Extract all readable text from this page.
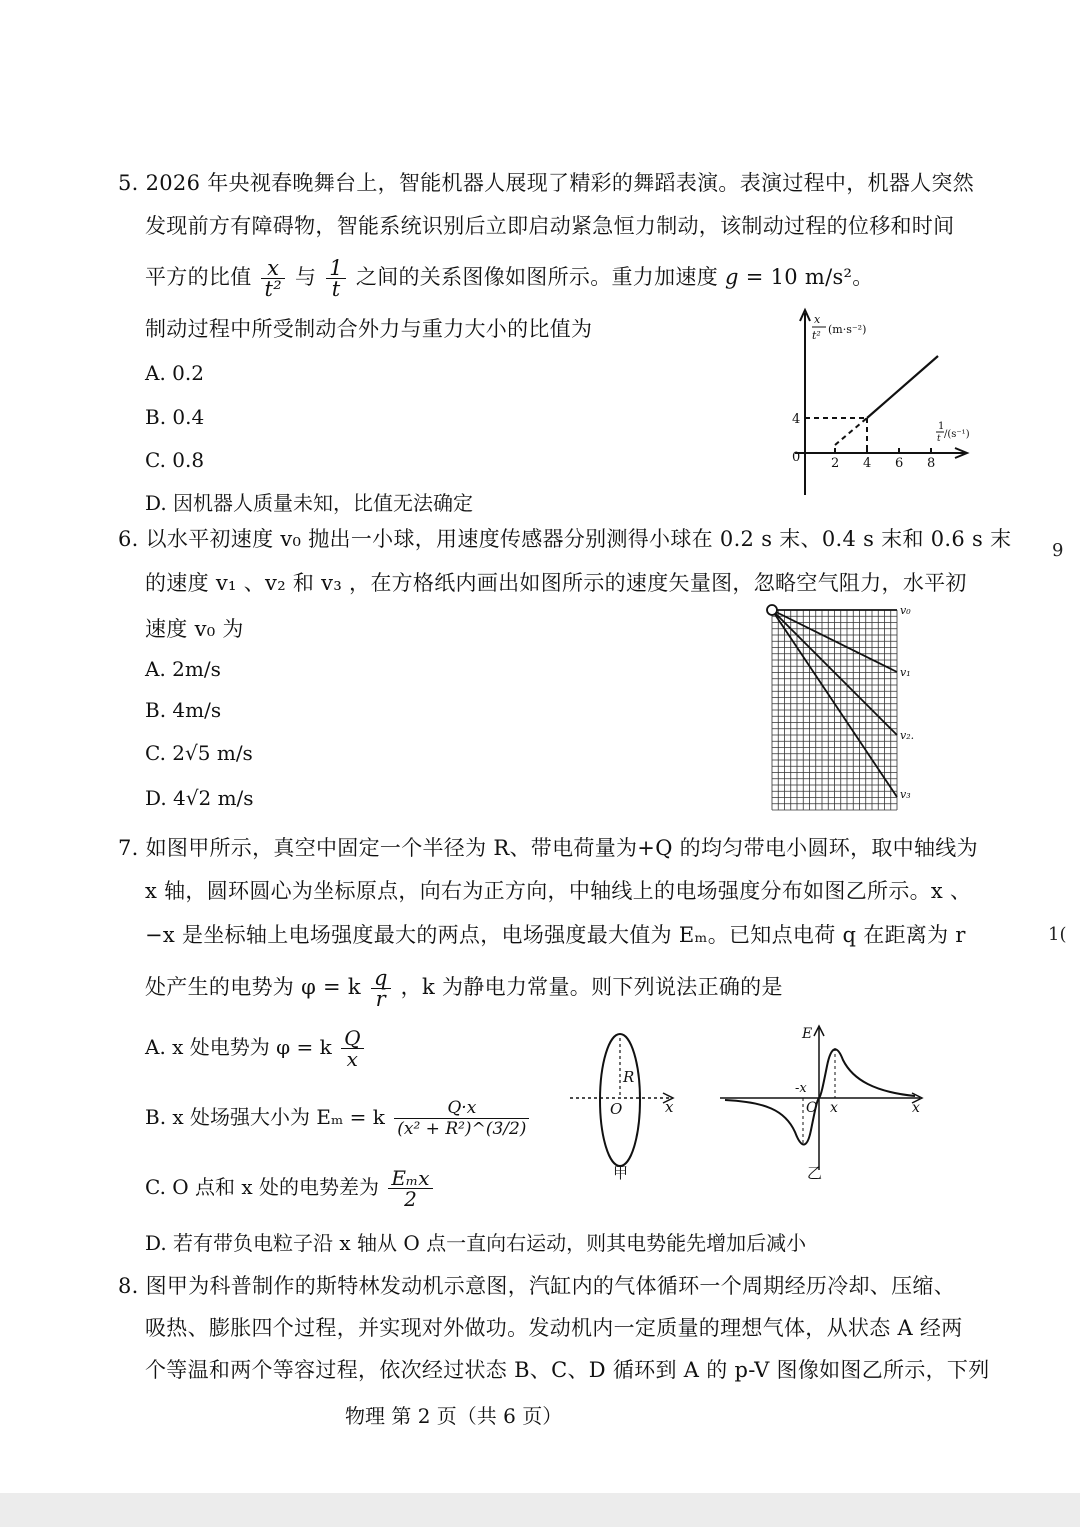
5. 2026 年央视春晚舞台上，智能机器人展现了精彩的舞蹈表演。表演过程中，机器人突然
发现前方有障碍物，智能系统识别后立即启动紧急恒力制动，该制动过程的位移和时间
平方的比值 $\frac{x}{\text{t²}}$ 与 $\frac{1}{t}$ 之间的关系图像如图所示。重力加速度 g = 10 m/s²。
制动过程中所受制动合外力与重力大小的比值为
A. 0.2
B. 0.4
C. 0.8
D. 因机器人质量未知，比值无法确定
x
t² (m·s⁻²)
1
t /(s⁻¹)
0
4
2 4 6 8
6. 以水平初速度 v₀ 抛出一小球，用速度传感器分别测得小球在 0.2 s 末、0.4 s 末和 0.6 s 末
的速度 v₁ 、v₂ 和 v₃ ，在方格纸内画出如图所示的速度矢量图，忽略空气阻力，水平初
速度 v₀ 为
A. 2m/s
B. 4m/s
C. 2√5 m/s
D. 4√2 m/s
v₀
v₁
v₂.
v₃
7. 如图甲所示，真空中固定一个半径为 R、带电荷量为+Q 的均匀带电小圆环，取中轴线为
x 轴，圆环圆心为坐标原点，向右为正方向，中轴线上的电场强度分布如图乙所示。x 、
−x 是坐标轴上电场强度最大的两点，电场强度最大值为 Eₘ。已知点电荷 q 在距离为 r
处产生的电势为 φ = k $\frac{q}{r}$ ，k 为静电力常量。则下列说法正确的是
A. x 处电势为 φ = k $\frac{Q}{x}$
B. x 处场强大小为 Eₘ = k $\frac{Q\cdot x}{\text{(x² + R²)\textasciicircum{}(3/2)}}$
C. O 点和 x 处的电势差为 $\frac{\text{Eₘx}}{2}$
D. 若有带负电粒子沿 x 轴从 O 点一直向右运动，则其电势能先增加后减小
R
O	x
甲
E
-x
O x	x
乙
8. 图甲为科普制作的斯特林发动机示意图，汽缸内的气体循环一个周期经历冷却、压缩、
吸热、膨胀四个过程，并实现对外做功。发动机内一定质量的理想气体，从状态 A 经两
个等温和两个等容过程，依次经过状态 B、C、D 循环到 A 的 p-V 图像如图乙所示，下列
物理 第 2 页（共 6 页）
9
1(
